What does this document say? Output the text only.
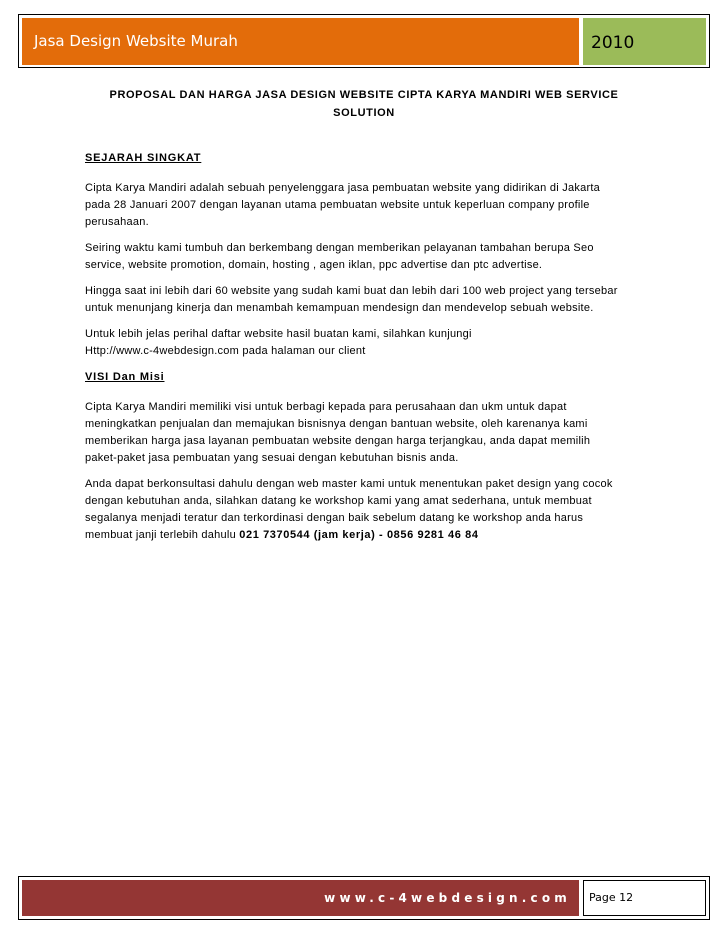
Jasa Design Website Murah	2010
PROPOSAL DAN HARGA JASA DESIGN WEBSITE CIPTA KARYA MANDIRI WEB SERVICE SOLUTION
SEJARAH SINGKAT

Cipta Karya Mandiri adalah sebuah penyelenggara jasa pembuatan website yang didirikan di Jakarta
pada 28 Januari 2007 dengan layanan utama pembuatan website untuk keperluan company profile
perusahaan.

Seiring waktu kami tumbuh dan berkembang dengan memberikan pelayanan tambahan berupa Seo
service, website promotion, domain, hosting , agen iklan, ppc advertise dan ptc advertise.

Hingga saat ini lebih dari 60 website yang sudah kami buat dan lebih dari 100 web project yang tersebar
untuk menunjang kinerja dan menambah kemampuan mendesign dan mendevelop sebuah website.

Untuk lebih jelas perihal daftar website hasil buatan kami, silahkan kunjungi
Http://www.c-4webdesign.com pada halaman our client

VISI Dan Misi

Cipta Karya Mandiri memiliki visi untuk berbagi kepada para perusahaan dan ukm untuk dapat
meningkatkan penjualan dan memajukan bisnisnya dengan bantuan website, oleh karenanya kami
memberikan harga jasa layanan pembuatan website dengan harga terjangkau, anda dapat memilih
paket-paket jasa pembuatan yang sesuai dengan kebutuhan bisnis anda.

Anda dapat berkonsultasi dahulu dengan web master kami untuk menentukan paket design yang cocok
dengan kebutuhan anda, silahkan datang ke workshop kami yang amat sederhana, untuk membuat
segalanya menjadi teratur dan terkordinasi dengan baik sebelum datang ke workshop anda harus
membuat janji terlebih dahulu 021 7370544 (jam kerja) - 0856 9281 46 84

www.c-4webdesign.com	Page 12
